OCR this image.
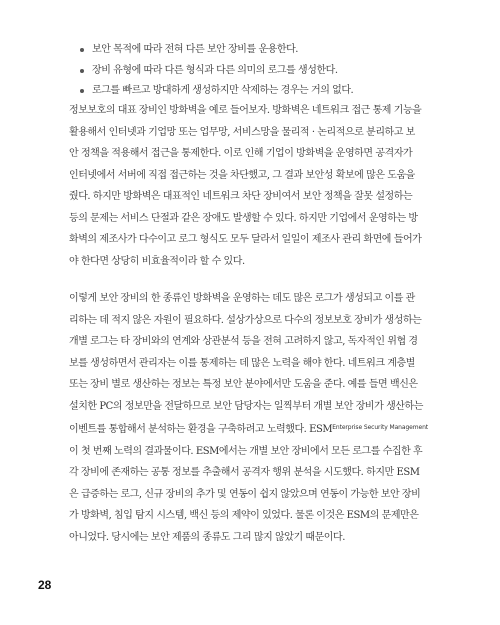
보안 목적에 따라 전혀 다른 보안 장비를 운용한다.
장비 유형에 따라 다른 형식과 다른 의미의 로그를 생성한다.
로그를 빠르고 방대하게 생성하지만 삭제하는 경우는 거의 없다.
정보보호의 대표 장비인 방화벽을 예로 들어보자. 방화벽은 네트워크 접근 통제 기능을
활용해서 인터넷과 기업망 또는 업무망, 서비스망을 물리적 · 논리적으로 분리하고 보
안 정책을 적용해서 접근을 통제한다. 이로 인해 기업이 방화벽을 운영하면 공격자가
인터넷에서 서버에 직접 접근하는 것을 차단했고, 그 결과 보안성 확보에 많은 도움을
줬다. 하지만 방화벽은 대표적인 네트워크 차단 장비여서 보안 정책을 잘못 설정하는
등의 문제는 서비스 단절과 같은 장애도 발생할 수 있다. 하지만 기업에서 운영하는 방
화벽의 제조사가 다수이고 로그 형식도 모두 달라서 일일이 제조사 관리 화면에 들어가
야 한다면 상당히 비효율적이라 할 수 있다.
이렇게 보안 장비의 한 종류인 방화벽을 운영하는 데도 많은 로그가 생성되고 이를 관
리하는 데 적지 않은 자원이 필요하다. 설상가상으로 다수의 정보보호 장비가 생성하는
개별 로그는 타 장비와의 연계와 상관분석 등을 전혀 고려하지 않고, 독자적인 위협 경
보를 생성하면서 관리자는 이를 통제하는 데 많은 노력을 해야 한다. 네트워크 계층별
또는 장비 별로 생산하는 정보는 특정 보안 분야에서만 도움을 준다. 예를 들면 백신은
설치한 PC의 정보만을 전달하므로 보안 담당자는 일찍부터 개별 보안 장비가 생산하는
이벤트를 통합해서 분석하는 환경을 구축하려고 노력했다. ESM$^{Enterprise Security Management}$
이 첫 번째 노력의 결과물이다. ESM에서는 개별 보안 장비에서 모든 로그를 수집한 후
각 장비에 존재하는 공통 정보를 추출해서 공격자 행위 분석을 시도했다. 하지만 ESM
은 급증하는 로그, 신규 장비의 추가 및 연동이 쉽지 않았으며 연동이 가능한 보안 장비
가 방화벽, 침입 탐지 시스템, 백신 등의 제약이 있었다. 물론 이것은 ESM의 문제만은
아니었다. 당시에는 보안 제품의 종류도 그리 많지 않았기 때문이다.
28
